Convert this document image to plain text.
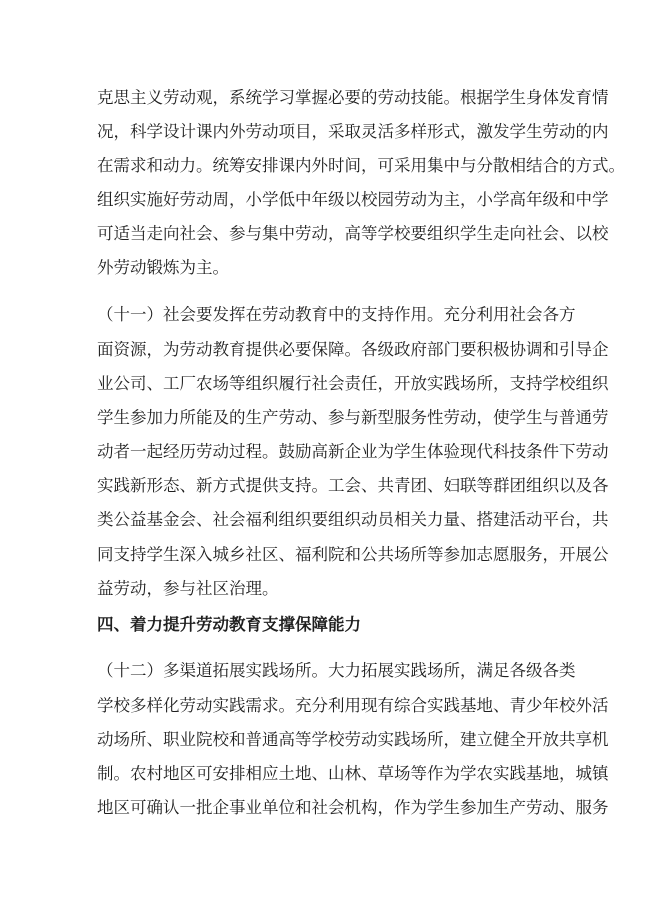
克思主义劳动观，系统学习掌握必要的劳动技能。根据学生身体发育情
况，科学设计课内外劳动项目，采取灵活多样形式，激发学生劳动的内
在需求和动力。统筹安排课内外时间，可采用集中与分散相结合的方式。
组织实施好劳动周，小学低中年级以校园劳动为主，小学高年级和中学
可适当走向社会、参与集中劳动，高等学校要组织学生走向社会、以校
外劳动锻炼为主。
（十一）社会要发挥在劳动教育中的支持作用。充分利用社会各方
面资源，为劳动教育提供必要保障。各级政府部门要积极协调和引导企
业公司、工厂农场等组织履行社会责任，开放实践场所，支持学校组织
学生参加力所能及的生产劳动、参与新型服务性劳动，使学生与普通劳
动者一起经历劳动过程。鼓励高新企业为学生体验现代科技条件下劳动
实践新形态、新方式提供支持。工会、共青团、妇联等群团组织以及各
类公益基金会、社会福利组织要组织动员相关力量、搭建活动平台，共
同支持学生深入城乡社区、福利院和公共场所等参加志愿服务，开展公
益劳动，参与社区治理。
四、着力提升劳动教育支撑保障能力
（十二）多渠道拓展实践场所。大力拓展实践场所，满足各级各类
学校多样化劳动实践需求。充分利用现有综合实践基地、青少年校外活
动场所、职业院校和普通高等学校劳动实践场所，建立健全开放共享机
制。农村地区可安排相应土地、山林、草场等作为学农实践基地，城镇
地区可确认一批企事业单位和社会机构，作为学生参加生产劳动、服务
